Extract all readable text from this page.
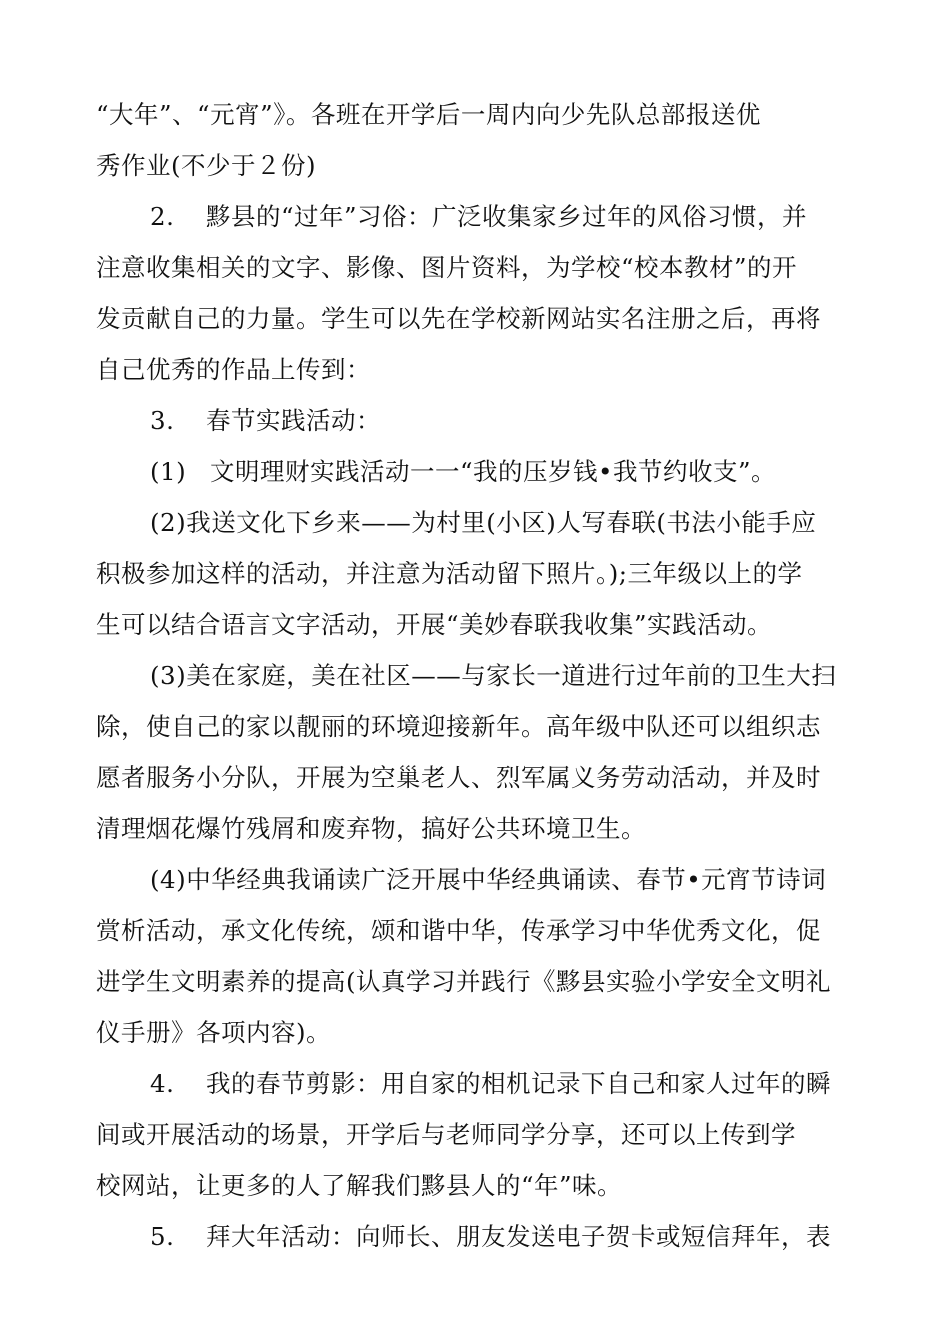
“大年”、“元宵”》。各班在开学后一周内向少先队总部报送优
秀作业(不少于２份)
2. 黟县的“过年”习俗：广泛收集家乡过年的风俗习惯，并
注意收集相关的文字、影像、图片资料，为学校“校本教材”的开
发贡献自己的力量。学生可以先在学校新网站实名注册之后，再将
自己优秀的作品上传到：
3. 春节实践活动：
(1) 文明理财实践活动一一“我的压岁钱•我节约收支”。
(2)我送文化下乡来——为村里(小区)人写春联(书法小能手应
积极参加这样的活动，并注意为活动留下照片。);三年级以上的学
生可以结合语言文字活动，开展“美妙春联我收集”实践活动。
(3)美在家庭，美在社区——与家长一道进行过年前的卫生大扫
除，使自己的家以靓丽的环境迎接新年。高年级中队还可以组织志
愿者服务小分队，开展为空巢老人、烈军属义务劳动活动，并及时
清理烟花爆竹残屑和废弃物，搞好公共环境卫生。
(4)中华经典我诵读广泛开展中华经典诵读、春节•元宵节诗词
赏析活动，承文化传统，颂和谐中华，传承学习中华优秀文化，促
进学生文明素养的提高(认真学习并践行《黟县实验小学安全文明礼
仪手册》各项内容)。
4. 我的春节剪影：用自家的相机记录下自己和家人过年的瞬
间或开展活动的场景，开学后与老师同学分享，还可以上传到学
校网站，让更多的人了解我们黟县人的“年”味。
5. 拜大年活动：向师长、朋友发送电子贺卡或短信拜年，表
